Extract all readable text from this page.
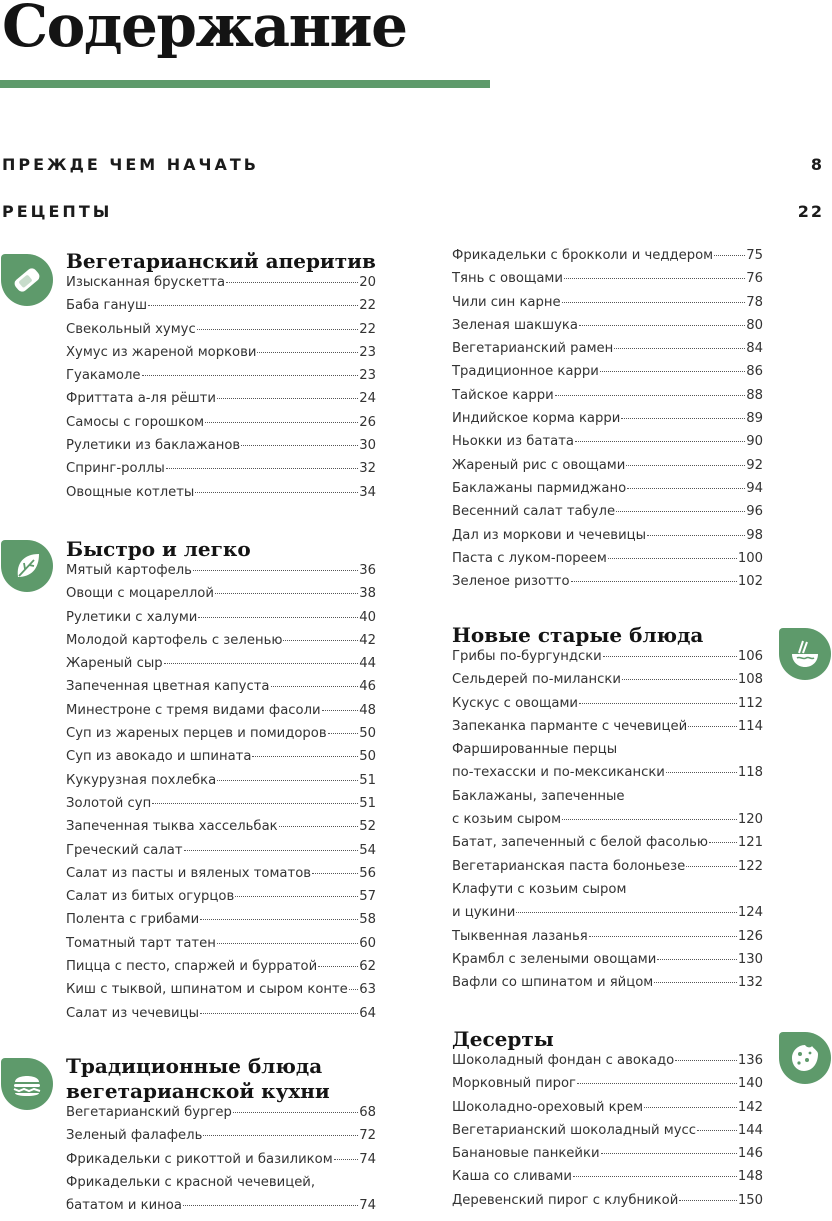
Содержание
ПРЕЖДЕ ЧЕМ НАЧАТЬ	8
РЕЦЕПТЫ	22
Вегетарианский аперитив
Изысканная брускетта	20
Баба гануш	22
Свекольный хумус	22
Хумус из жареной моркови	23
Гуакамоле	23
Фриттата а-ля рёшти	24
Самосы с горошком	26
Рулетики из баклажанов	30
Спринг-роллы	32
Овощные котлеты	34
Быстро и легко
Мятый картофель	36
Овощи с моцареллой	38
Рулетики с халуми	40
Молодой картофель с зеленью	42
Жареный сыр	44
Запеченная цветная капуста	46
Минестроне с тремя видами фасоли	48
Суп из жареных перцев и помидоров 50
Суп из авокадо и шпината	50
Кукурузная похлебка	51
Золотой суп	51
Запеченная тыква хассельбак	52
Греческий салат	54
Салат из пасты и вяленых томатов	56
Салат из битых огурцов	57
Полента с грибами	58
Томатный тарт татен	60
Пицца с песто, спаржей и бурратой	62
Киш с тыквой, шпинатом и сыром конте 63
Салат из чечевицы	64
Традиционные блюда
вегетарианской кухни
Вегетарианский бургер	68
Зеленый фалафель	72
Фрикадельки с рикоттой и базиликом 74
Фрикадельки с красной чечевицей,
бататом и киноа	74
Фрикадельки с брокколи и чеддером	75
Тянь с овощами	76
Чили син карне	78
Зеленая шакшука	80
Вегетарианский рамен	84
Традиционное карри	86
Тайское карри	88
Индийское корма карри	89
Ньокки из батата	90
Жареный рис с овощами	92
Баклажаны пармиджано	94
Весенний салат табуле	96
Дал из моркови и чечевицы	98
Паста с луком-пореем	100
Зеленое ризотто	102
Новые старые блюда
Грибы по-бургундски	106
Сельдерей по-милански	108
Кускус с овощами	112
Запеканка парманте с чечевицей	114
Фаршированные перцы
по-техасски и по-мексикански	118
Баклажаны, запеченные
с козьим сыром	120
Батат, запеченный с белой фасолью 121
Вегетарианская паста болоньезе	122
Клафути с козьим сыром
и цукини	124
Тыквенная лазанья	126
Крамбл с зелеными овощами	130
Вафли со шпинатом и яйцом	132
Десерты
Шоколадный фондан с авокадо	136
Морковный пирог	140
Шоколадно-ореховый крем	142
Вегетарианский шоколадный мусс	144
Банановые панкейки	146
Каша со сливами	148
Деревенский пирог с клубникой	150
